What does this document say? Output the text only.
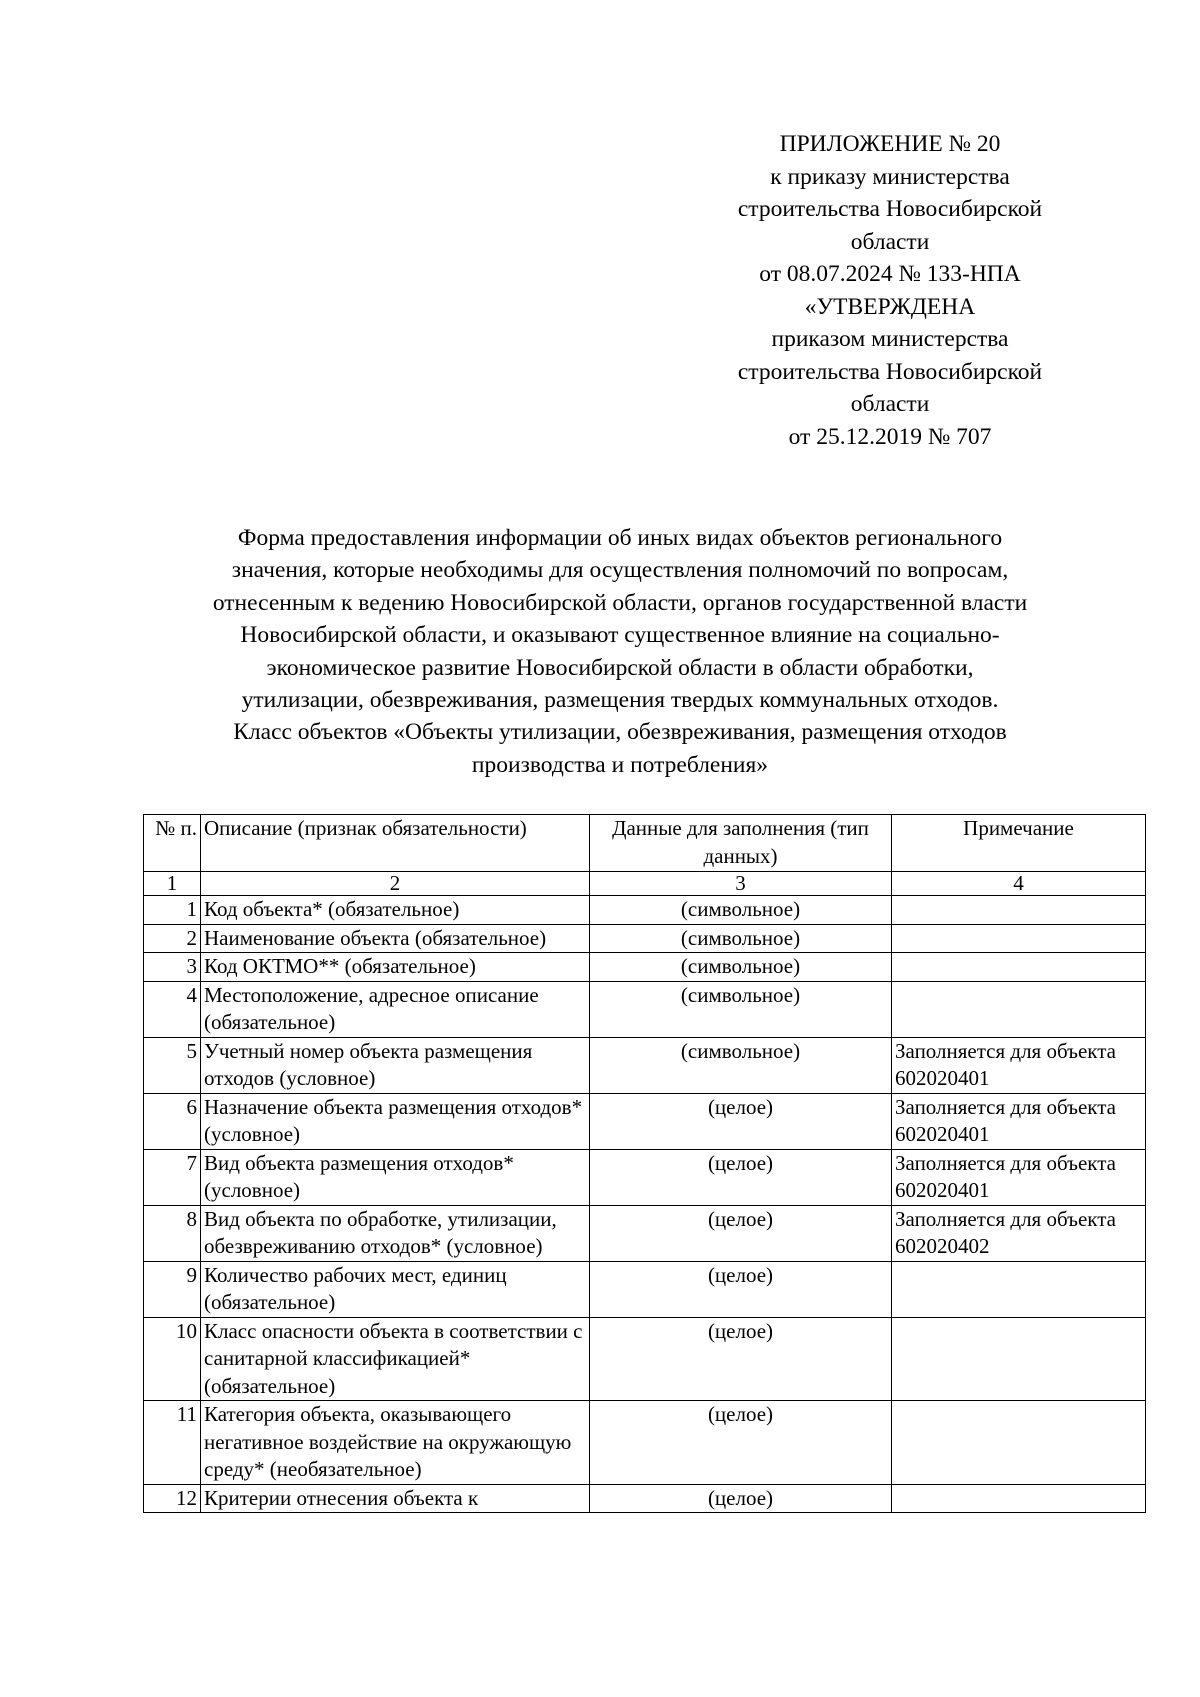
ПРИЛОЖЕНИЕ № 20
к приказу министерства
строительства Новосибирской
области
от 08.07.2024 № 133-НПА
«УТВЕРЖДЕНА
приказом министерства
строительства Новосибирской
области
от 25.12.2019 № 707
Форма предоставления информации об иных видах объектов регионального
значения, которые необходимы для осуществления полномочий по вопросам,
отнесенным к ведению Новосибирской области, органов государственной власти
Новосибирской области, и оказывают существенное влияние на социально-
экономическое развитие Новосибирской области в области обработки,
утилизации, обезвреживания, размещения твердых коммунальных отходов.
Класс объектов «Объекты утилизации, обезвреживания, размещения отходов
производства и потребления»
№ п.	Описание (признак обязательности)	Данные для заполнения (тип данных)	Примечание
1	2	3	4
1	Код объекта* (обязательное)	(символьное)	
2	Наименование объекта (обязательное)	(символьное)	
3	Код ОКТМО** (обязательное)	(символьное)	
4	Местоположение, адресное описание (обязательное)	(символьное)	
5	Учетный номер объекта размещения отходов (условное)	(символьное)	Заполняется для объекта 602020401
6	Назначение объекта размещения отходов* (условное)	(целое)	Заполняется для объекта 602020401
7	Вид объекта размещения отходов* (условное)	(целое)	Заполняется для объекта 602020401
8	Вид объекта по обработке, утилизации, обезвреживанию отходов* (условное)	(целое)	Заполняется для объекта 602020402
9	Количество рабочих мест, единиц (обязательное)	(целое)	
10	Класс опасности объекта в соответствии с санитарной классификацией* (обязательное)	(целое)	
11	Категория объекта, оказывающего негативное воздействие на окружающую среду* (необязательное)	(целое)	
12	Критерии отнесения объекта к	(целое)	
